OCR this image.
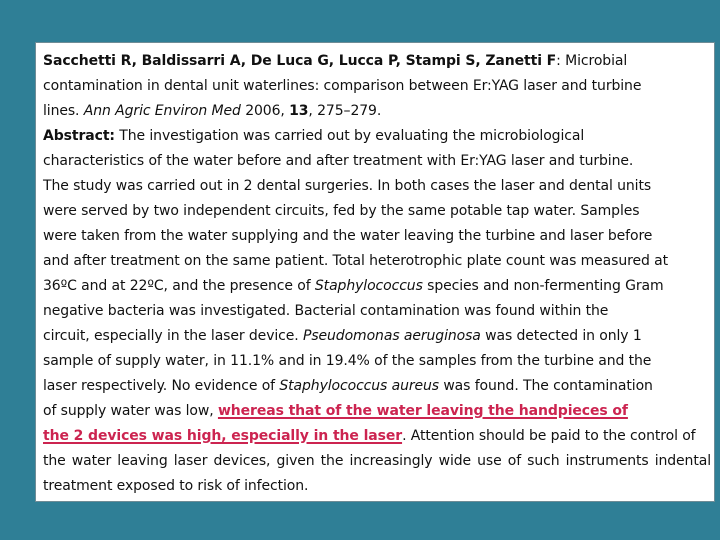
Sacchetti R, Baldissarri A, De Luca G, Lucca P, Stampi S, Zanetti F: Microbial
contamination in dental unit waterlines: comparison between Er:YAG laser and turbine
lines. Ann Agric Environ Med 2006, 13, 275–279.
Abstract: The investigation was carried out by evaluating the microbiological
characteristics of the water before and after treatment with Er:YAG laser and turbine.
The study was carried out in 2 dental surgeries. In both cases the laser and dental units
were served by two independent circuits, fed by the same potable tap water. Samples
were taken from the water supplying and the water leaving the turbine and laser before
and after treatment on the same patient. Total heterotrophic plate count was measured at
36ºC and at 22ºC, and the presence of Staphylococcus species and non-fermenting Gram
negative bacteria was investigated. Bacterial contamination was found within the
circuit, especially in the laser device. Pseudomonas aeruginosa was detected in only 1
sample of supply water, in 11.1% and in 19.4% of the samples from the turbine and the
laser respectively. No evidence of Staphylococcus aureus was found. The contamination
of supply water was low, whereas that of the water leaving the handpieces of
the 2 devices was high, especially in the laser. Attention should be paid to the control of
the water leaving laser devices, given the increasingly wide use of such instruments indental
treatment exposed to risk of infection.
